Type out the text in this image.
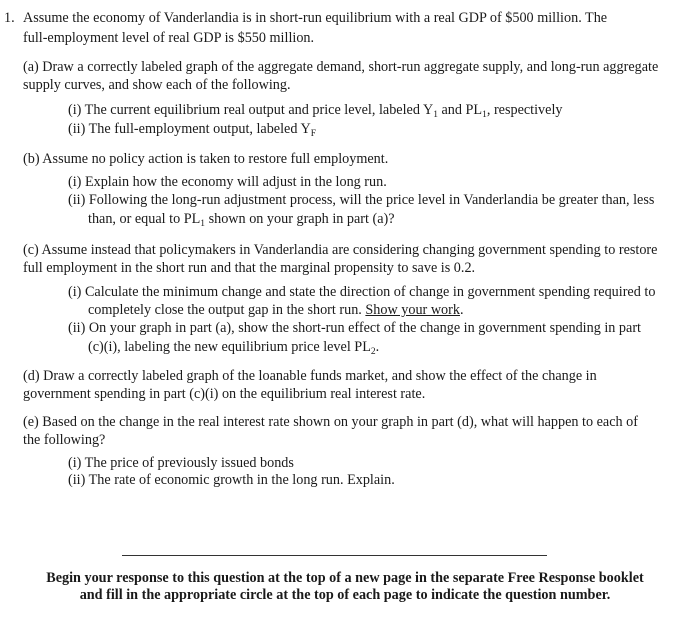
1. Assume the economy of Vanderlandia is in short-run equilibrium with a real GDP of $500 million. The
full-employment level of real GDP is $550 million.
(a) Draw a correctly labeled graph of the aggregate demand, short-run aggregate supply, and long-run aggregate
supply curves, and show each of the following.
(i) The current equilibrium real output and price level, labeled $Y_1$ and $PL_1$, respectively
(ii) The full-employment output, labeled $Y_F$
(b) Assume no policy action is taken to restore full employment.
(i) Explain how the economy will adjust in the long run.
(ii) Following the long-run adjustment process, will the price level in Vanderlandia be greater than, less
than, or equal to $PL_1$ shown on your graph in part (a)?
(c) Assume instead that policymakers in Vanderlandia are considering changing government spending to restore
full employment in the short run and that the marginal propensity to save is 0.2.
(i) Calculate the minimum change and state the direction of change in government spending required to
completely close the output gap in the short run. Show your work.
(ii) On your graph in part (a), show the short-run effect of the change in government spending in part
(c)(i), labeling the new equilibrium price level $PL_2$.
(d) Draw a correctly labeled graph of the loanable funds market, and show the effect of the change in
government spending in part (c)(i) on the equilibrium real interest rate.
(e) Based on the change in the real interest rate shown on your graph in part (d), what will happen to each of
the following?
(i) The price of previously issued bonds
(ii) The rate of economic growth in the long run. Explain.
Begin your response to this question at the top of a new page in the separate Free Response booklet
and fill in the appropriate circle at the top of each page to indicate the question number.
